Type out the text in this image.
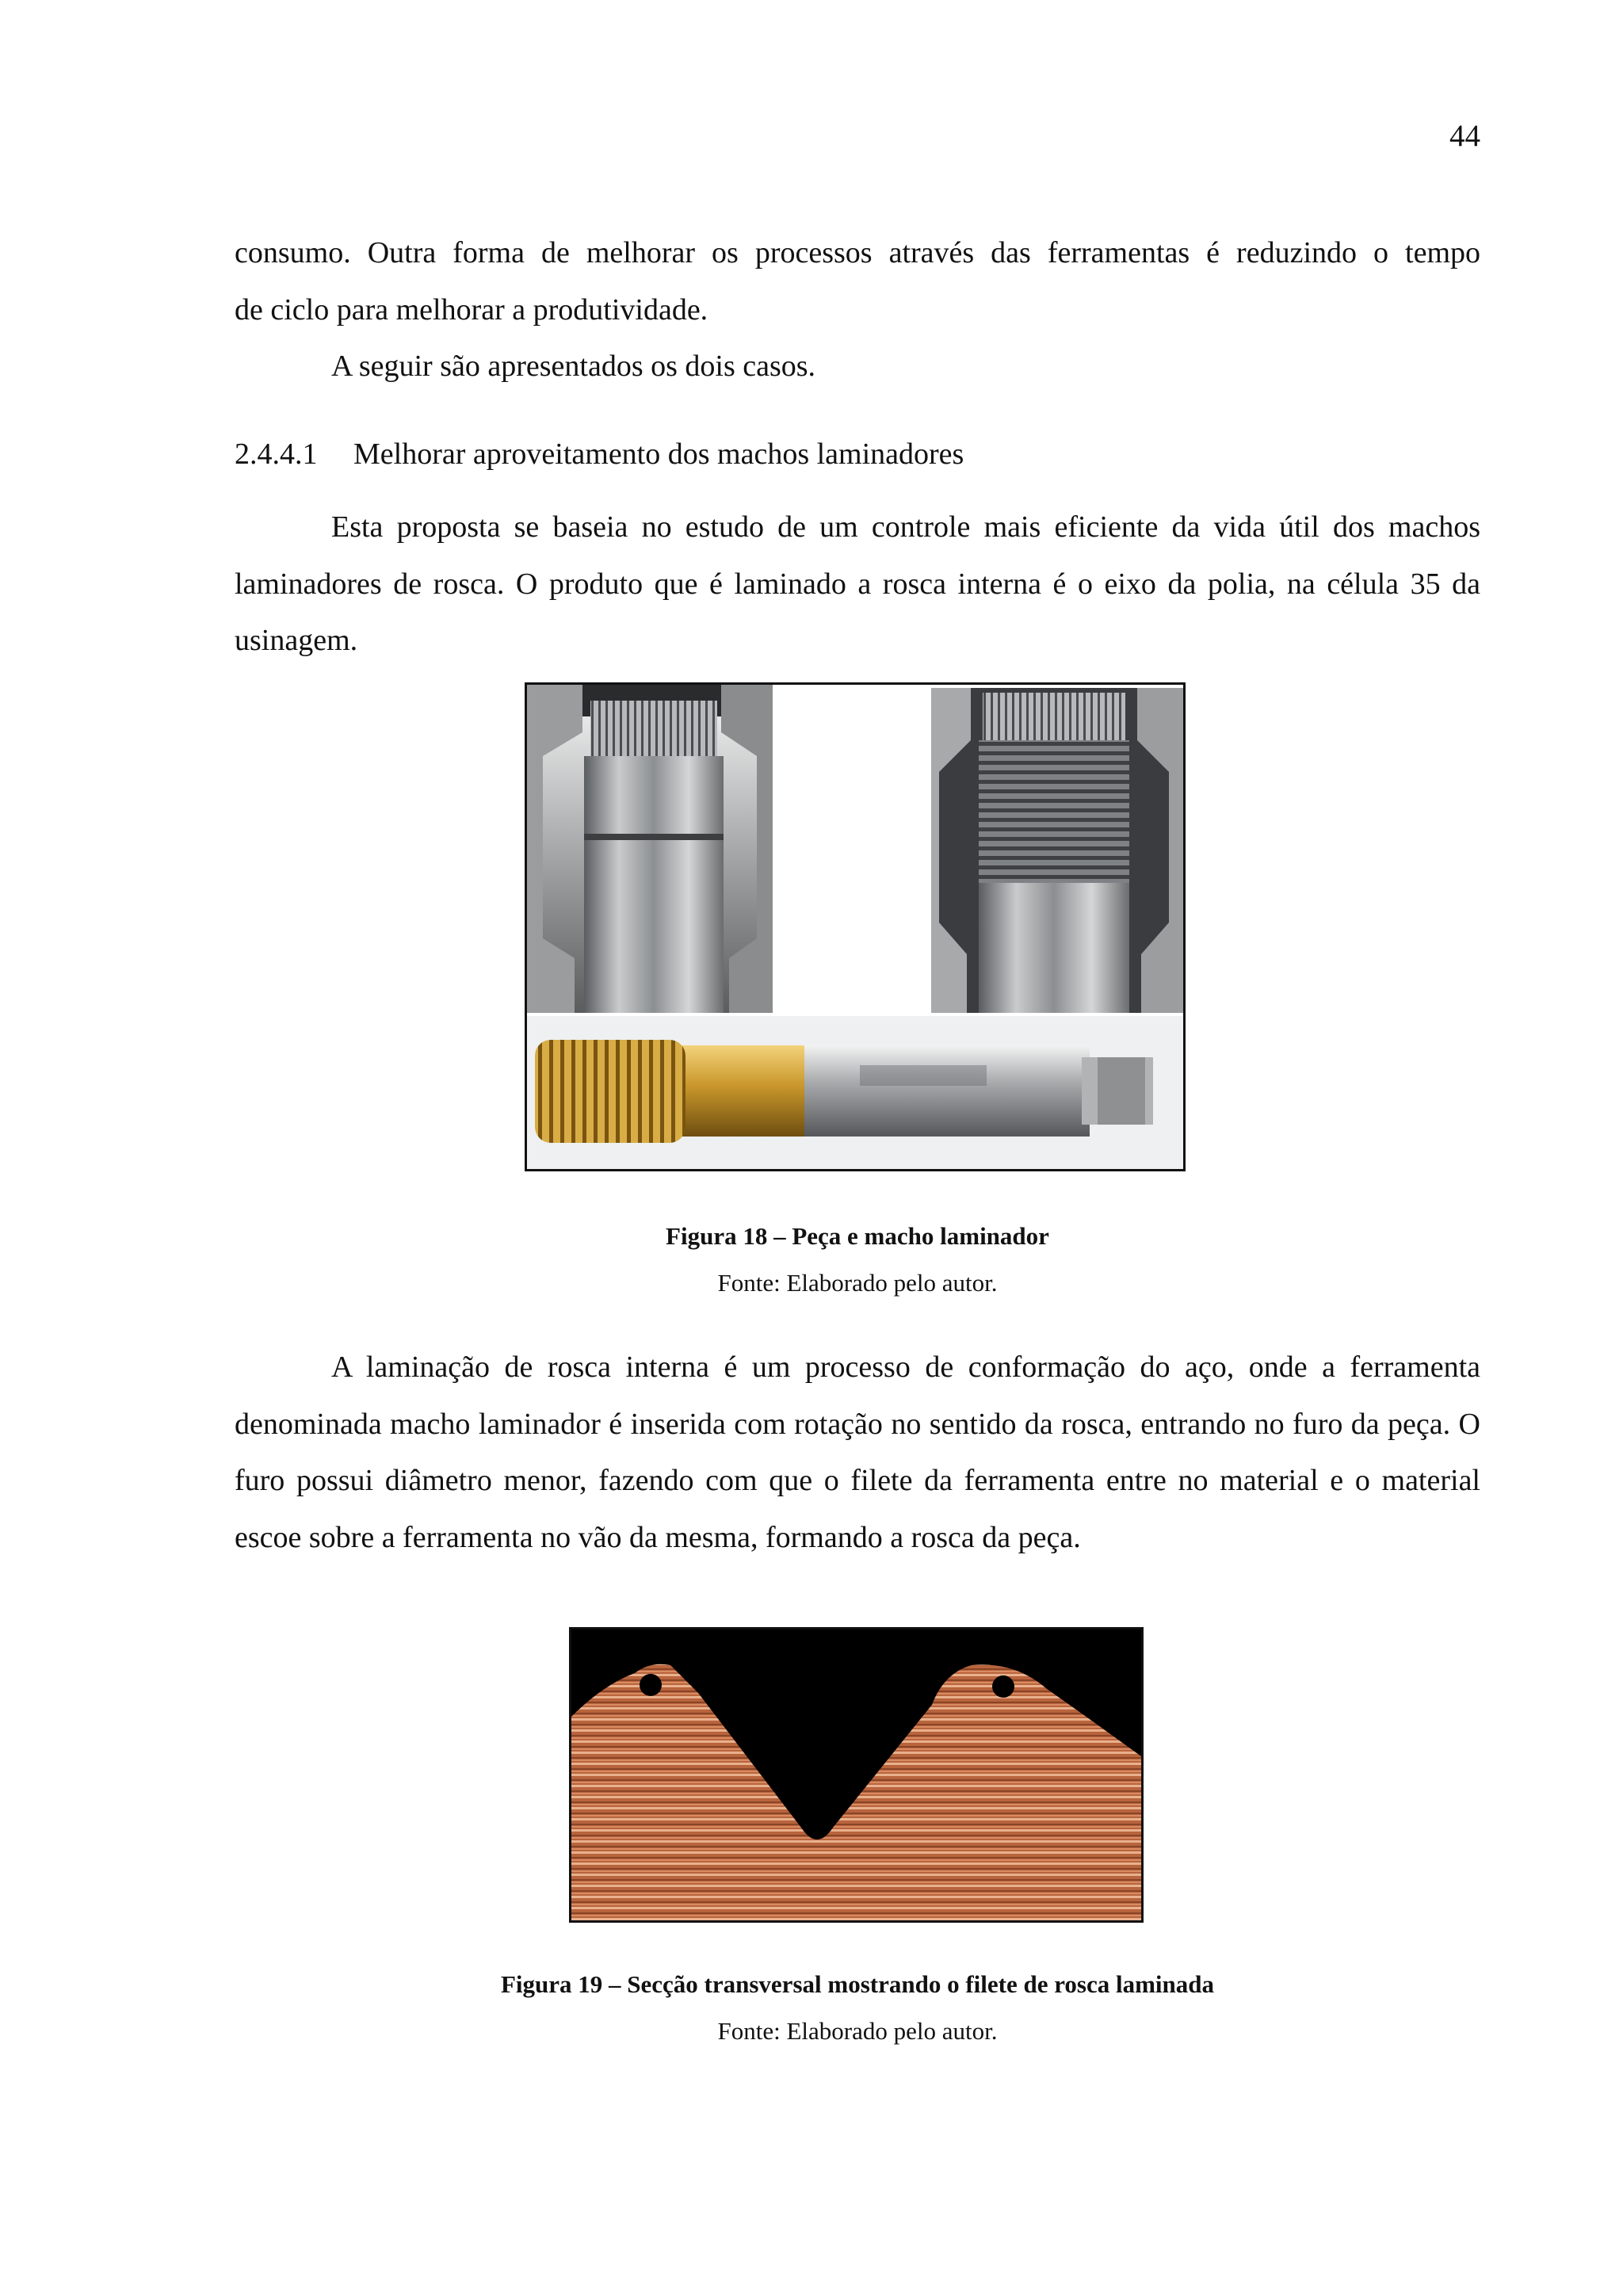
44

consumo. Outra forma de melhorar os processos através das ferramentas é reduzindo o tempo

de ciclo para melhorar a produtividade.

A seguir são apresentados os dois casos.

2.4.4.1 Melhorar aproveitamento dos machos laminadores

Esta proposta se baseia no estudo de um controle mais eficiente da vida útil dos machos laminadores de rosca. O produto que é laminado a rosca interna é o eixo da polia, na célula 35 da usinagem.

Figura 18 – Peça e macho laminador
Fonte: Elaborado pelo autor.

A laminação de rosca interna é um processo de conformação do aço, onde a ferramenta denominada macho laminador é inserida com rotação no sentido da rosca, entrando no furo da peça. O furo possui diâmetro menor, fazendo com que o filete da ferramenta entre no material e o material escoe sobre a ferramenta no vão da mesma, formando a rosca da peça.

Figura 19 – Secção transversal mostrando o filete de rosca laminada
Fonte: Elaborado pelo autor.
